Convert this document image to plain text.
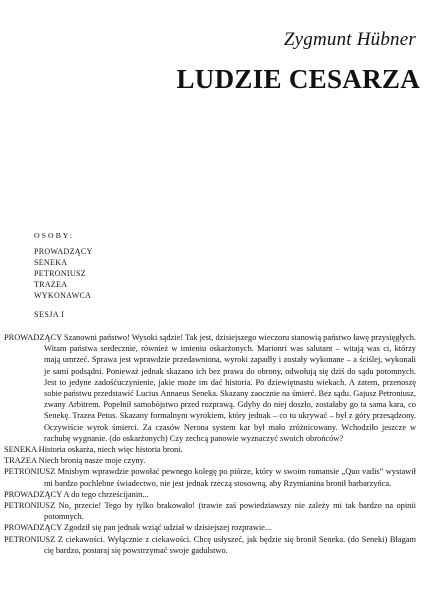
Zygmunt Hübner
LUDZIE CESARZA
OSOBY:
PROWADZĄCY
SENEKA
PETRONIUSZ
TRAZEA
WYKONAWCA
SESJA I

PROWADZĄCY Szanowni państwo! Wysoki sądzie! Tak jest, dzisiejszego wieczoru stanowią państwo ławę przysięgłych. Witam państwa serdecznie, również w imieniu oskarżonych. Marionri was salutant – witają was ci, którzy mają umrzeć. Sprawa jest wprawdzie przedawniona, wyroki zapadły i zostały wykonane – a ściślej, wykonali je sami podsądni. Ponieważ jednak skazano ich bez prawa do obrony, odwołują się dziś do sądu potomnych. Jest to jedyne zadośćuczynienie, jakie może im dać historia. Po dziewiętnastu wiekach. A zatem, przenoszę sobie państwu przedstawić Lucius Annaeus Seneka. Skazany zaocznie na śmierć. Bez sądu. Gajusz Petroniusz, zwany Arbitrem. Popełnił samobójstwo przed rozprawą. Gdyby do niej doszło, zostałaby go ta sama kara, co Senekę. Trazea Petus. Skazany formalnym wyrokiem, który jednak – co tu ukrywać – był z góry przesądzony. Oczywiście wyrok śmierci. Za czasów Nerona system kar był mało zróżnicowany. Wchodziło jeszcze w rachubę wygnanie. (do oskarżonych) Czy zechcą panowie wyznaczyć swoich obrońców?

SENEKA Historia oskarża, niech więc historia broni.

TRAZEA Niech bronią nasze moje czyny.

PETRONIUSZ Mnisbym wprawdzie powołać pewnego kolegę po piórze, który w swoim romansie „Quo vadis” wystawił mi bardzo pochlebne świadectwo, nie jest jednak rzeczą stosowną, aby Rzymianina bronił barbarzyńca.

PROWADZĄCY A do tego chrześcijanin...

PETRONIUSZ No, przecie! Tego by tylko brakowało! (trawie zaś powiedziawszy nie zależy mi tak bardzo na opinii potomnych.

PROWADZĄCY Zgodził się pan jednak wziąć udział w dzisiejszej rozprawie...

PETRONIUSZ Z ciekawości. Wyłącznie z ciekawości. Chcę usłyszeć, jak będzie się bronił Seneka. (do Seneki) Błagam cię bardzo, postaraj się powstrzymać swoje gadulstwo.
